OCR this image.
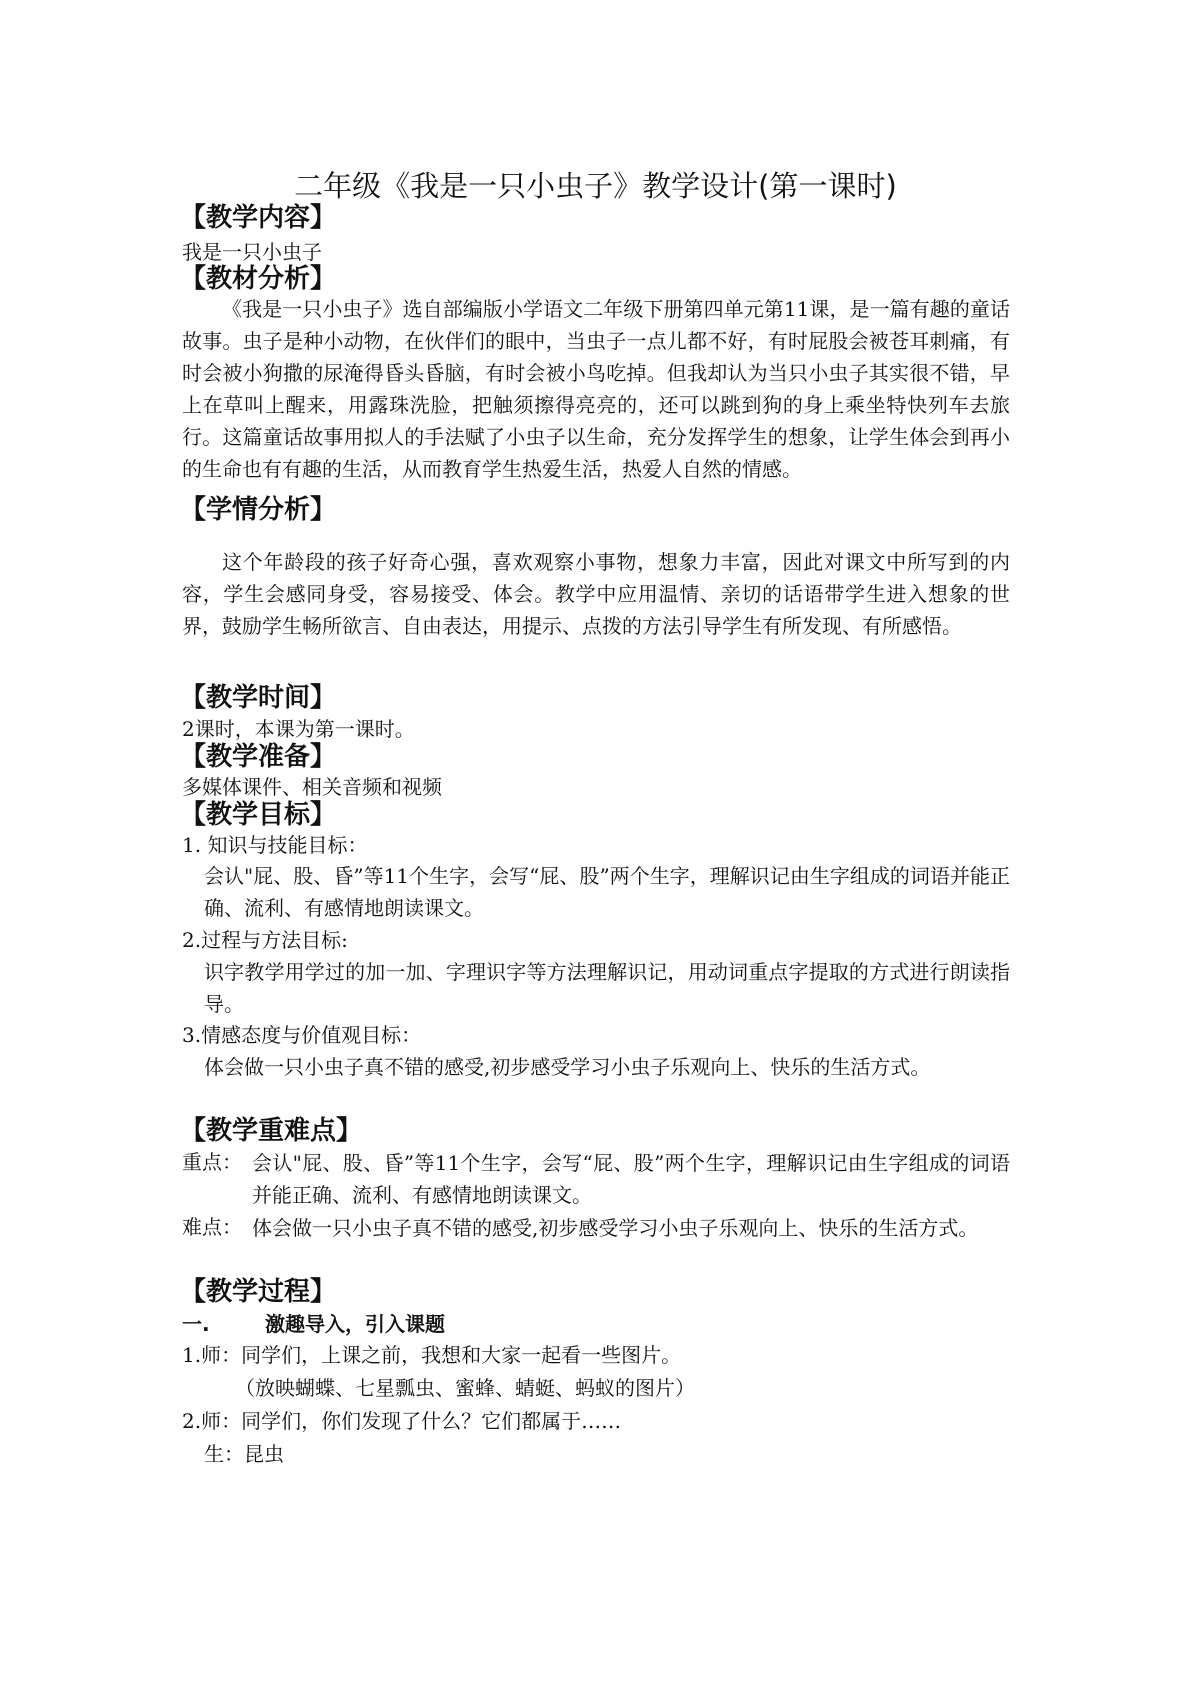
二年级《我是一只小虫子》教学设计(第一课时)
【教学内容】
我是一只小虫子
【教材分析】
《我是一只小虫子》选自部编版小学语文二年级下册第四单元第11课，是一篇有趣的童话故事。虫子是种小动物，在伙伴们的眼中，当虫子一点儿都不好，有时屁股会被苍耳刺痛，有时会被小狗撒的尿淹得昏头昏脑，有时会被小鸟吃掉。但我却认为当只小虫子其实很不错，早上在草叫上醒来，用露珠洗脸，把触须擦得亮亮的，还可以跳到狗的身上乘坐特快列车去旅行。这篇童话故事用拟人的手法赋了小虫子以生命，充分发挥学生的想象，让学生体会到再小的生命也有有趣的生活，从而教育学生热爱生活，热爱人自然的情感。
【学情分析】
这个年龄段的孩子好奇心强，喜欢观察小事物，想象力丰富，因此对课文中所写到的内容，学生会感同身受，容易接受、体会。教学中应用温情、亲切的话语带学生进入想象的世界，鼓励学生畅所欲言、自由表达，用提示、点拨的方法引导学生有所发现、有所感悟。
【教学时间】
2课时，本课为第一课时。
【教学准备】
多媒体课件、相关音频和视频
【教学目标】
1. 知识与技能目标：
会认"屁、股、昏”等11个生字，会写“屁、股”两个生字，理解识记由生字组成的词语并能正确、流利、有感情地朗读课文。
2.过程与方法目标:
识字教学用学过的加一加、字理识字等方法理解识记，用动词重点字提取的方式进行朗读指导。
3.情感态度与价值观目标：
体会做一只小虫子真不错的感受,初步感受学习小虫子乐观向上、快乐的生活方式。
【教学重难点】
重点： 会认"屁、股、昏”等11个生字，会写“屁、股”两个生字，理解识记由生字组成的词语并能正确、流利、有感情地朗读课文。
难点： 体会做一只小虫子真不错的感受,初步感受学习小虫子乐观向上、快乐的生活方式。
【教学过程】
一.	激趣导入，引入课题
1.师：同学们，上课之前，我想和大家一起看一些图片。
（放映蝴蝶、七星瓢虫、蜜蜂、蜻蜓、蚂蚁的图片）
2.师：同学们，你们发现了什么？它们都属于……
生：昆虫
